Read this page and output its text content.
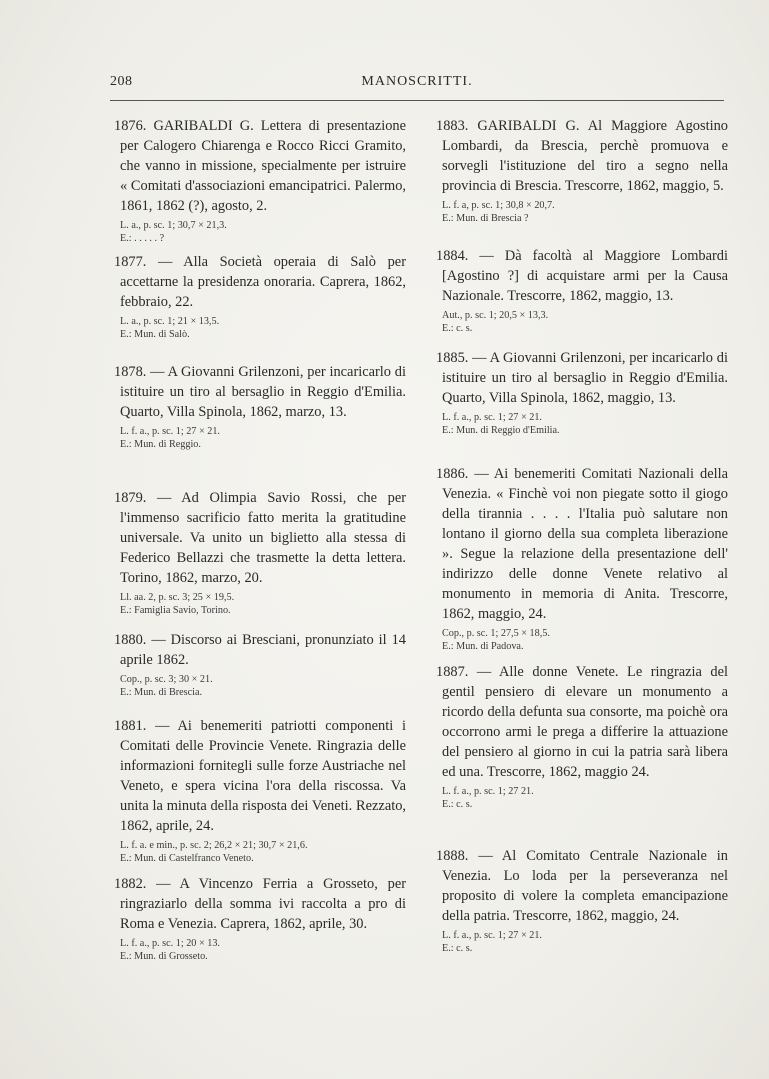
208	MANOSCRITTI.
1876. GARIBALDI G. Lettera di presentazione per Calogero Chiarenga e Rocco Ricci Gramito, che vanno in missione, specialmente per istruire « Comitati d'associazioni emancipatrici. Palermo, 1861, 1862 (?), agosto, 2.
L. a., p. sc. 1; 30,7 × 21,3.
E.: . . . . . ?
1877. — Alla Società operaia di Salò per accettarne la presidenza onoraria. Caprera, 1862, febbraio, 22.
L. a., p. sc. 1; 21 × 13,5.
E.: Mun. di Salò.
1878. — A Giovanni Grilenzoni, per incaricarlo di istituire un tiro al bersaglio in Reggio d'Emilia. Quarto, Villa Spinola, 1862, marzo, 13.
L. f. a., p. sc. 1; 27 × 21.
E.: Mun. di Reggio.
1879. — Ad Olimpia Savio Rossi, che per l'immenso sacrificio fatto merita la gratitudine universale. Va unito un biglietto alla stessa di Federico Bellazzi che trasmette la detta lettera. Torino, 1862, marzo, 20.
Ll. aa. 2, p. sc. 3; 25 × 19,5.
E.: Famiglia Savio, Torino.
1880. — Discorso ai Bresciani, pronunziato il 14 aprile 1862.
Cop., p. sc. 3; 30 × 21.
E.: Mun. di Brescia.
1881. — Ai benemeriti patriotti componenti i Comitati delle Provincie Venete. Ringrazia delle informazioni fornitegli sulle forze Austriache nel Veneto, e spera vicina l'ora della riscossa. Va unita la minuta della risposta dei Veneti. Rezzato, 1862, aprile, 24.
L. f. a. e min., p. sc. 2; 26,2 × 21; 30,7 × 21,6.
E.: Mun. di Castelfranco Veneto.
1882. — A Vincenzo Ferria a Grosseto, per ringraziarlo della somma ivi raccolta a pro di Roma e Venezia. Caprera, 1862, aprile, 30.
L. f. a., p. sc. 1; 20 × 13.
E.: Mun. di Grosseto.
1883. GARIBALDI G. Al Maggiore Agostino Lombardi, da Brescia, perchè promuova e sorvegli l'istituzione del tiro a segno nella provincia di Brescia. Trescorre, 1862, maggio, 5.
L. f. a, p. sc. 1; 30,8 × 20,7.
E.: Mun. di Brescia ?
1884. — Dà facoltà al Maggiore Lombardi [Agostino ?] di acquistare armi per la Causa Nazionale. Trescorre, 1862, maggio, 13.
Aut., p. sc. 1; 20,5 × 13,3.
E.: c. s.
1885. — A Giovanni Grilenzoni, per incaricarlo di istituire un tiro al bersaglio in Reggio d'Emilia. Quarto, Villa Spinola, 1862, maggio, 13.
L. f. a., p. sc. 1; 27 × 21.
E.: Mun. di Reggio d'Emilia.
1886. — Ai benemeriti Comitati Nazionali della Venezia. « Finchè voi non piegate sotto il giogo della tirannia . . . . l'Italia può salutare non lontano il giorno della sua completa liberazione ». Segue la relazione della presentazione dell' indirizzo delle donne Venete relativo al monumento in memoria di Anita. Trescorre, 1862, maggio, 24.
Cop., p. sc. 1; 27,5 × 18,5.
E.: Mun. di Padova.
1887. — Alle donne Venete. Le ringrazia del gentil pensiero di elevare un monumento a ricordo della defunta sua consorte, ma poichè ora occorrono armi le prega a differire la attuazione del pensiero al giorno in cui la patria sarà libera ed una. Trescorre, 1862, maggio 24.
L. f. a., p. sc. 1; 27 21.
E.: c. s.
1888. — Al Comitato Centrale Nazionale in Venezia. Lo loda per la perseveranza nel proposito di volere la completa emancipazione della patria. Trescorre, 1862, maggio, 24.
L. f. a., p. sc. 1; 27 × 21.
E.: c. s.
